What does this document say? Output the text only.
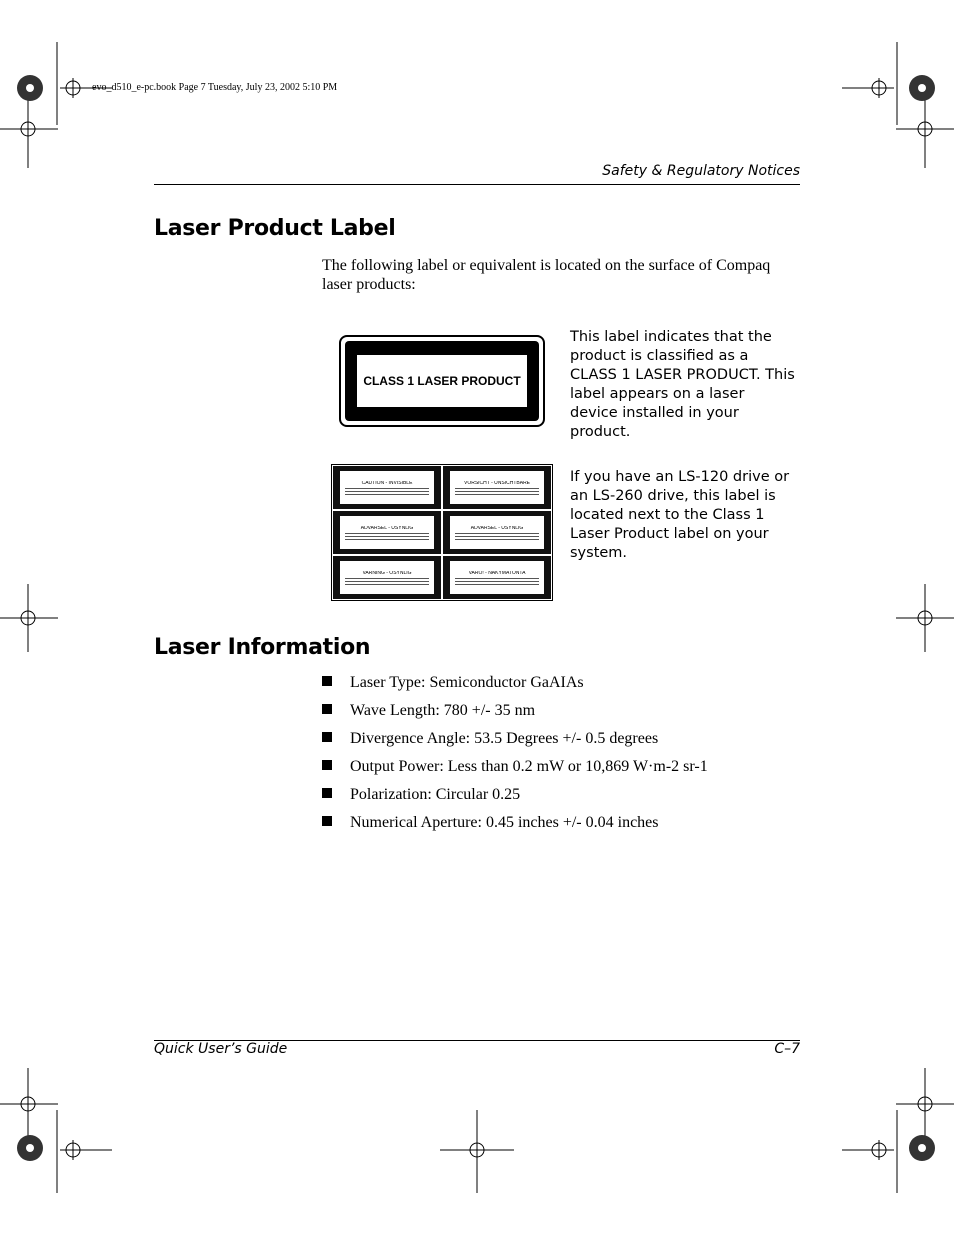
evo_d510_e-pc.book Page 7 Tuesday, July 23, 2002 5:10 PM
Safety & Regulatory Notices
Laser Product Label
The following label or equivalent is located on the surface of Compaq laser products:
CLASS 1 LASER PRODUCT
This label indicates that the product is classified as a CLASS 1 LASER PRODUCT. This label appears on a laser device installed in your product.
CAUTION - INVISIBLE	VORSICHT - UNSICHTBARE
ADVARSEL - USYNLIG	ADVARSEL - USYNLIG
VARNING - OSYNLIG	VARO! - NAKYMATONTA
If you have an LS-120 drive or an LS-260 drive, this label is located next to the Class 1 Laser Product label on your system.
Laser Information
Laser Type: Semiconductor GaAIAs
Wave Length: 780 +/- 35 nm
Divergence Angle: 53.5 Degrees +/- 0.5 degrees
Output Power: Less than 0.2 mW or 10,869 W·m-2 sr-1
Polarization: Circular 0.25
Numerical Aperture: 0.45 inches +/- 0.04 inches
Quick User’s Guide	C–7
